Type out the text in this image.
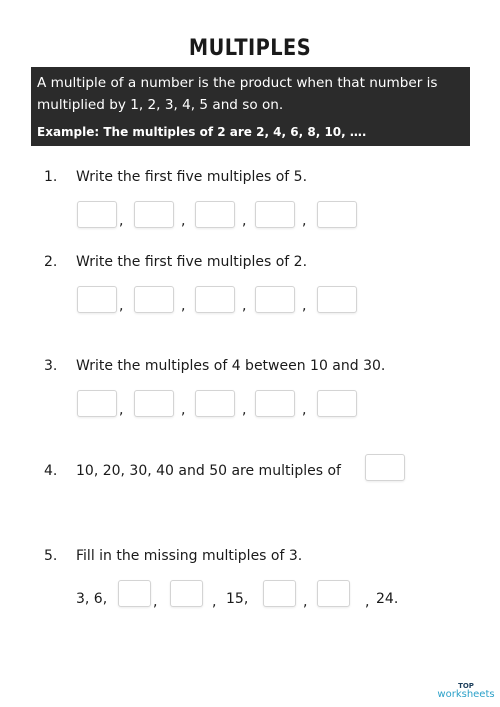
MULTIPLES
A multiple of a number is the product when that number is multiplied by 1, 2, 3, 4, 5 and so on.
Example: The multiples of 2 are 2, 4, 6, 8, 10, ….
1. Write the first five multiples of 5.
,	,	,	,
2. Write the first five multiples of 2.
,	,	,	,
3. Write the multiples of 4 between 10 and 30.
,	,	,	,
4. 10, 20, 30, 40 and 50 are multiples of
5. Fill in the missing multiples of 3.
3, 6,	,	, 15,	,	, 24.
TOP
worksheets
